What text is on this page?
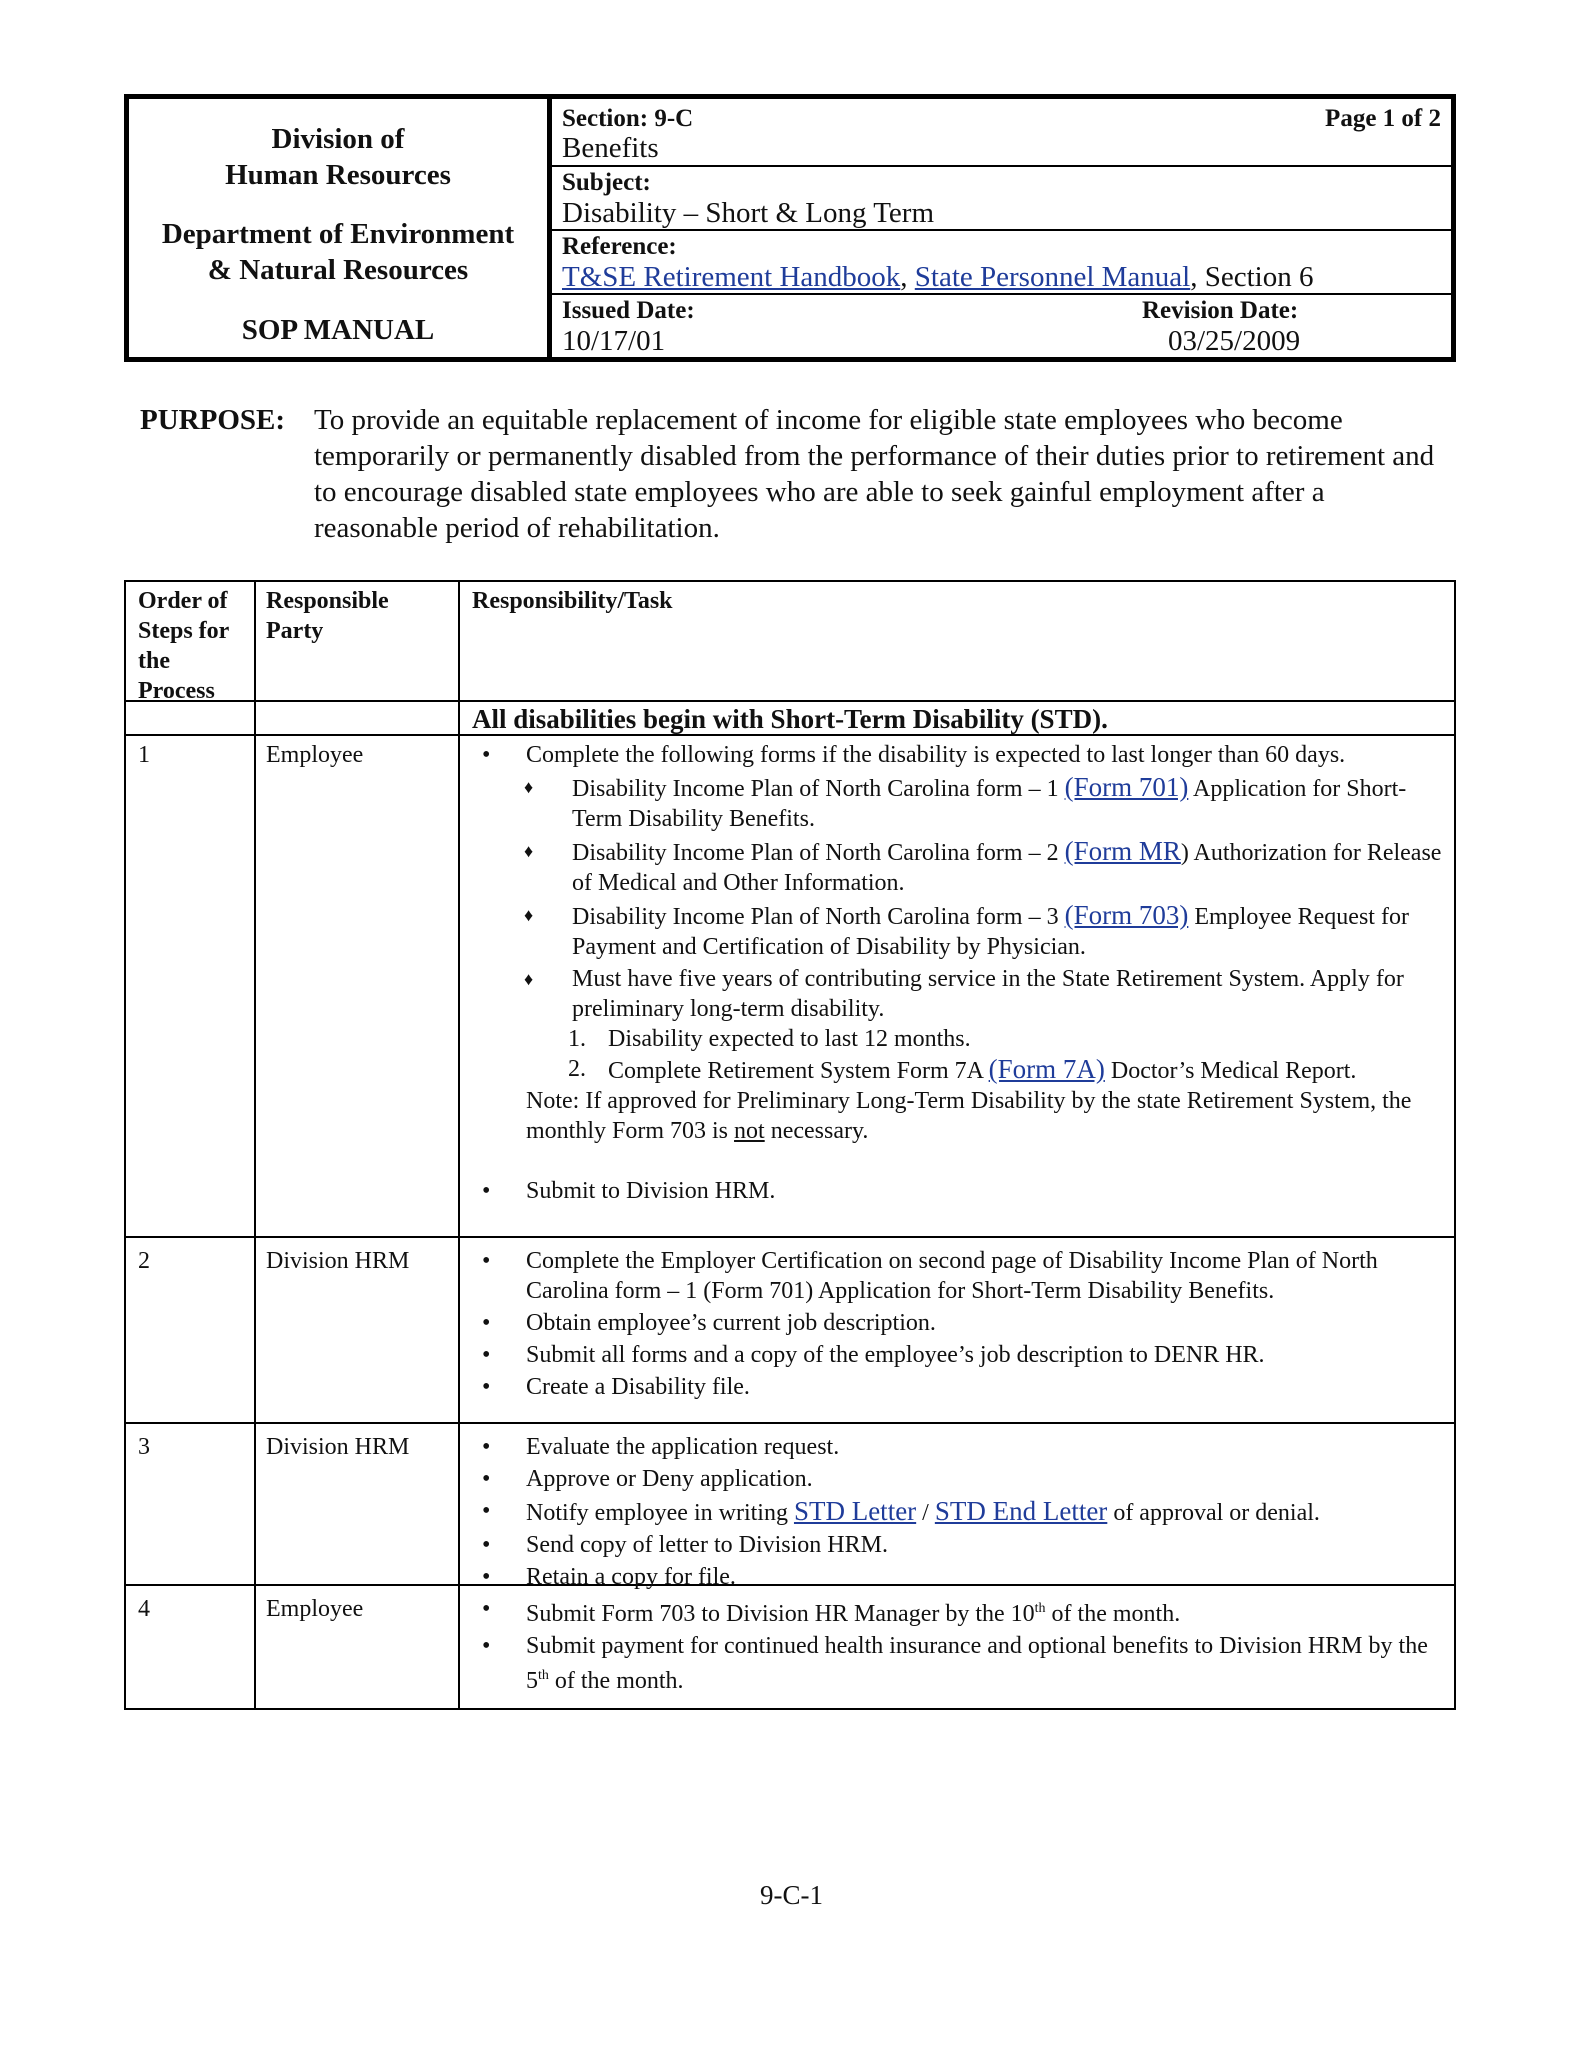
Division of
Human Resources
Department of Environment
& Natural Resources
SOP MANUAL
Section: 9-C	Page 1 of 2
Benefits
Subject:
Disability – Short & Long Term
Reference:
T&SE Retirement Handbook, State Personnel Manual, Section 6
Issued Date:
10/17/01
Revision Date:
03/25/2009
PURPOSE: To provide an equitable replacement of income for eligible state employees who become temporarily or permanently disabled from the performance of their duties prior to retirement and to encourage disabled state employees who are able to seek gainful employment after a reasonable period of rehabilitation.
Order of
Steps for
the
Process
Responsible
Party
Responsibility/Task
All disabilities begin with Short-Term Disability (STD).
1	Employee	• Complete the following forms if the disability is expected to last longer than 60 days.
♦ Disability Income Plan of North Carolina form – 1 (Form 701) Application for Short-Term Disability Benefits.
♦ Disability Income Plan of North Carolina form – 2 (Form MR) Authorization for Release of Medical and Other Information.
♦ Disability Income Plan of North Carolina form – 3 (Form 703) Employee Request for Payment and Certification of Disability by Physician.
♦ Must have five years of contributing service in the State Retirement System. Apply for preliminary long-term disability.
1. Disability expected to last 12 months.
2. Complete Retirement System Form 7A (Form 7A) Doctor’s Medical Report.
Note: If approved for Preliminary Long-Term Disability by the state Retirement System, the monthly Form 703 is not necessary.
• Submit to Division HRM.
2	Division HRM	• Complete the Employer Certification on second page of Disability Income Plan of North Carolina form – 1 (Form 701) Application for Short-Term Disability Benefits.
• Obtain employee’s current job description.
• Submit all forms and a copy of the employee’s job description to DENR HR.
• Create a Disability file.
3	Division HRM	• Evaluate the application request.
• Approve or Deny application.
• Notify employee in writing STD Letter / STD End Letter of approval or denial.
• Send copy of letter to Division HRM.
• Retain a copy for file.
4	Employee	• Submit Form 703 to Division HR Manager by the 10th of the month.
• Submit payment for continued health insurance and optional benefits to Division HRM by the 5th of the month.
9-C-1
